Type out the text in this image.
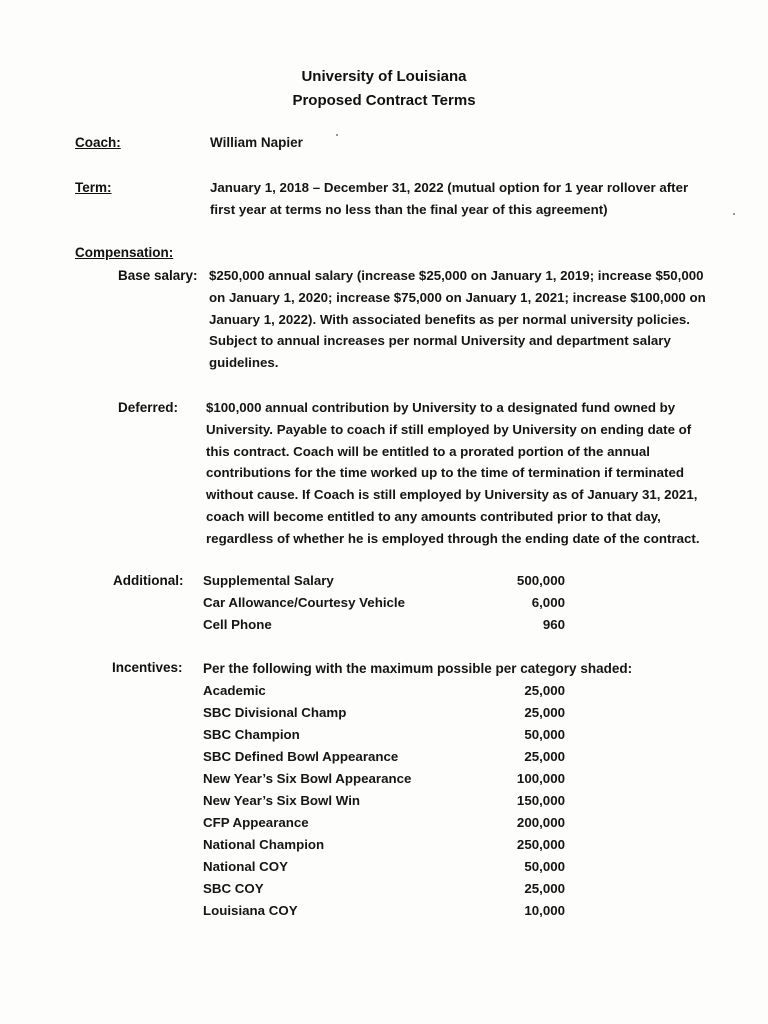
University of Louisiana
Proposed Contract Terms
Coach:	William Napier
Term:	January 1, 2018 – December 31, 2022 (mutual option for 1 year rollover after first year at terms no less than the final year of this agreement)
Compensation:
Base salary: $250,000 annual salary (increase $25,000 on January 1, 2019; increase $50,000 on January 1, 2020; increase $75,000 on January 1, 2021; increase $100,000 on January 1, 2022). With associated benefits as per normal university policies. Subject to annual increases per normal University and department salary guidelines.
Deferred: $100,000 annual contribution by University to a designated fund owned by University. Payable to coach if still employed by University on ending date of this contract. Coach will be entitled to a prorated portion of the annual contributions for the time worked up to the time of termination if terminated without cause. If Coach is still employed by University as of January 31, 2021, coach will become entitled to any amounts contributed prior to that day, regardless of whether he is employed through the ending date of the contract.
Additional: Supplemental Salary	500,000
Car Allowance/Courtesy Vehicle	6,000
Cell Phone	960
Incentives: Per the following with the maximum possible per category shaded:
Academic	25,000
SBC Divisional Champ	25,000
SBC Champion	50,000
SBC Defined Bowl Appearance	25,000
New Year’s Six Bowl Appearance	100,000
New Year’s Six Bowl Win	150,000
CFP Appearance	200,000
National Champion	250,000
National COY	50,000
SBC COY	25,000
Louisiana COY	10,000
